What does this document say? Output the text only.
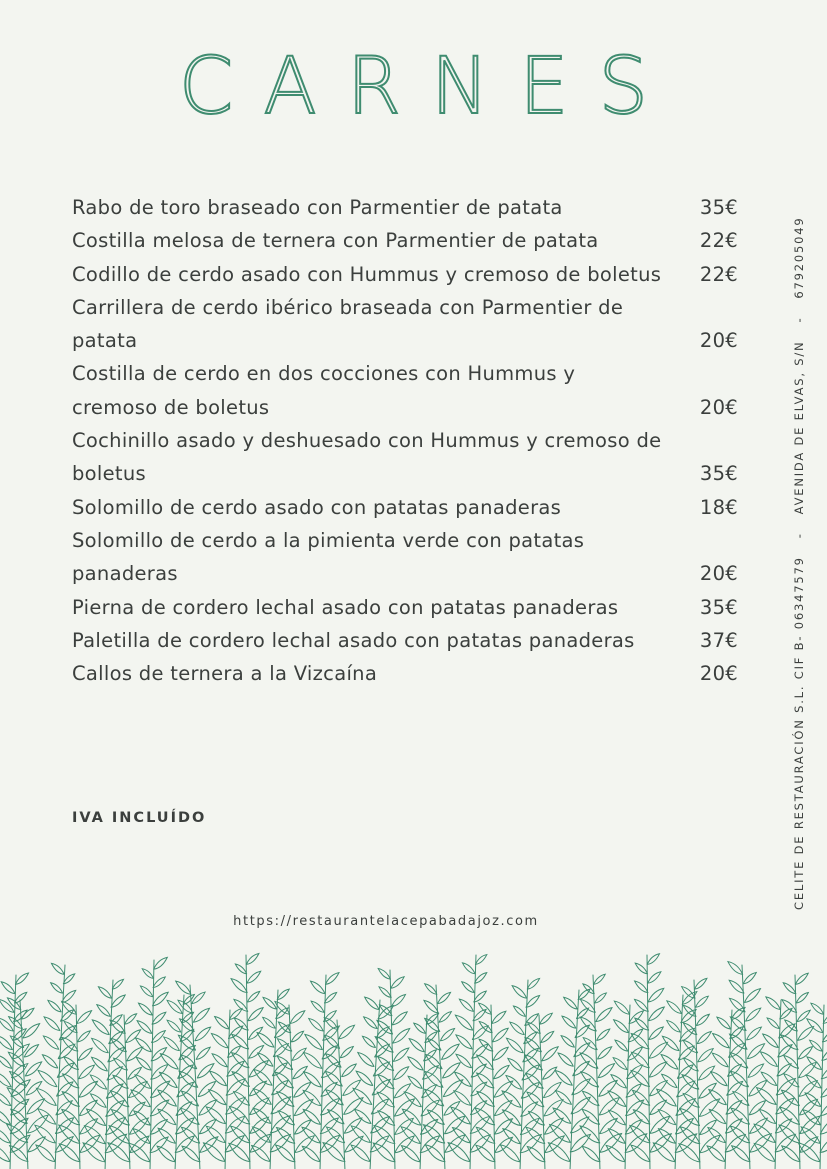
CARNES
Rabo de toro braseado con Parmentier de patata	35€
Costilla melosa de ternera con Parmentier de patata	22€
Codillo de cerdo asado con Hummus y cremoso de boletus 22€
Carrillera de cerdo ibérico braseada con Parmentier de patata	20€
Costilla de cerdo en dos cocciones con Hummus y cremoso de boletus	20€
Cochinillo asado y deshuesado con Hummus y cremoso de boletus	35€
Solomillo de cerdo asado con patatas panaderas	18€
Solomillo de cerdo a la pimienta verde con patatas panaderas	20€
Pierna de cordero lechal asado con patatas panaderas	35€
Paletilla de cordero lechal asado con patatas panaderas	37€
Callos de ternera a la Vizcaína	20€
IVA INCLUÍDO
https://restaurantelacepabadajoz.com
CELITE DE RESTAURACIÓN S.L. CIF B- 06347579-AVENIDA DE ELVAS, S/N-679205049
